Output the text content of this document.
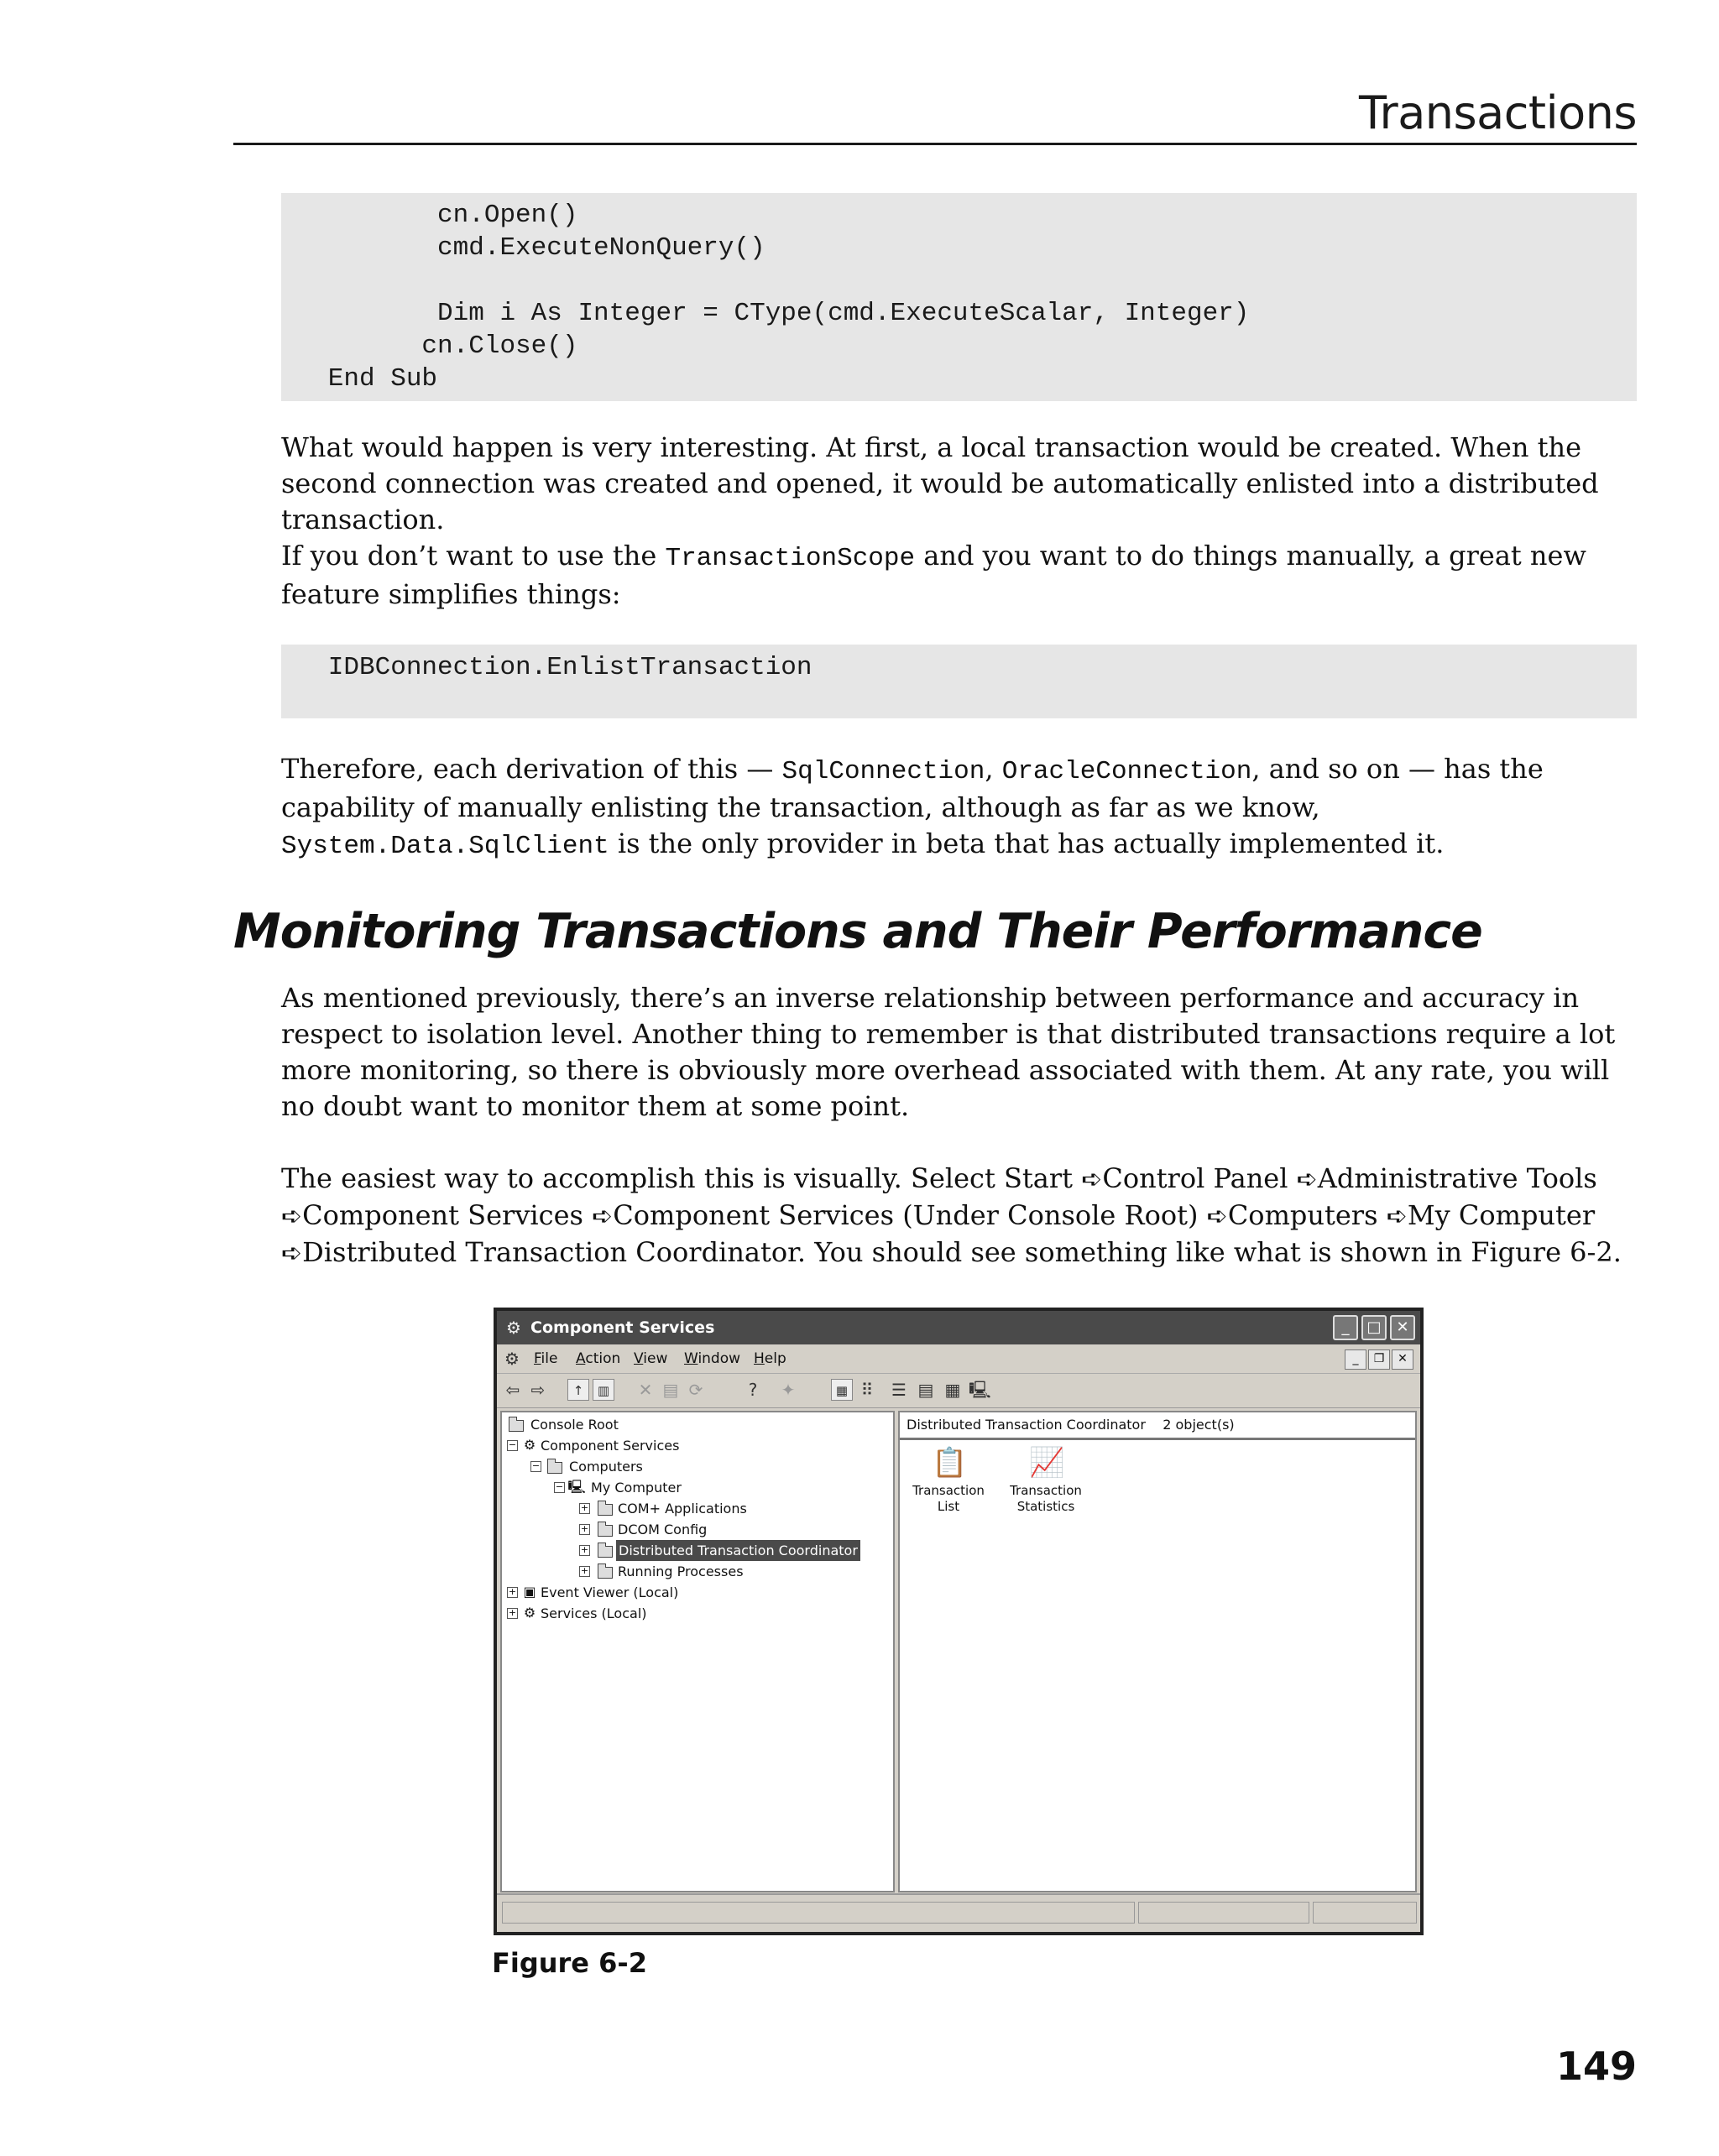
Transactions
cn.Open()
cmd.ExecuteNonQuery()
Dim i As Integer = CType(cmd.ExecuteScalar, Integer)
cn.Close()
End Sub
What would happen is very interesting. At first, a local transaction would be created. When the second connection was created and opened, it would be automatically enlisted into a distributed transaction.
If you don’t want to use the TransactionScope and you want to do things manually, a great new feature simplifies things:
IDBConnection.EnlistTransaction
Therefore, each derivation of this — SqlConnection, OracleConnection, and so on — has the capability of manually enlisting the transaction, although as far as we know, System.Data.SqlClient is the only provider in beta that has actually implemented it.
Monitoring Transactions and Their Performance
As mentioned previously, there’s an inverse relationship between performance and accuracy in respect to isolation level. Another thing to remember is that distributed transactions require a lot more monitoring, so there is obviously more overhead associated with them. At any rate, you will no doubt want to monitor them at some point.
The easiest way to accomplish this is visually. Select Start ➪Control Panel ➪Administrative Tools ➪Component Services ➪Component Services (Under Console Root) ➪Computers ➪My Computer ➪Distributed Transaction Coordinator. You should see something like what is shown in Figure 6-2.
⚙ Component Services	_	□ ✕
⚙ File Action View Window Help	_	❐	✕
⇦ ⇨	↑	▥ ✕ ▤ ⟳	?	✦	▦ ⠿ ☰ ▤ ▦ 🖳
Console Root
− ⚙ Component Services
− Computers
− 🖳 My Computer
+ COM+ Applications
+ DCOM Config
+ Distributed Transaction Coordinator
+ Running Processes
+ ▣ Event Viewer (Local)
+ ⚙ Services (Local)
Distributed Transaction Coordinator    2 object(s)
📋
Transaction
List
📈
Transaction
Statistics
Figure 6-2
149
